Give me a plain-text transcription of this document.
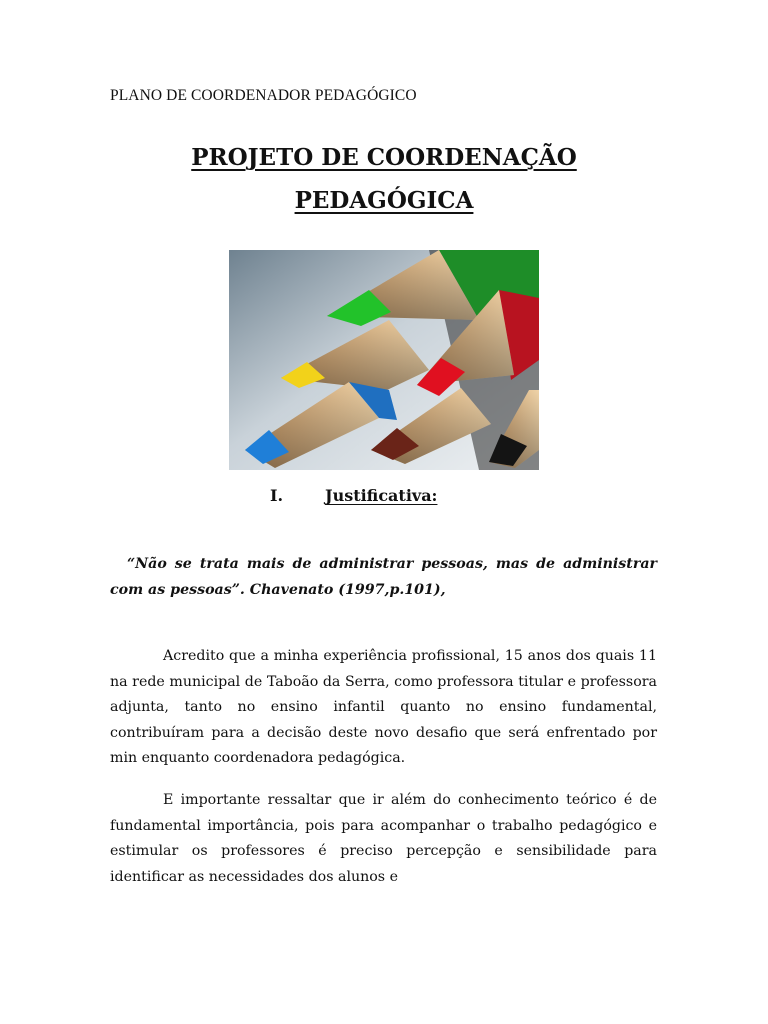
PLANO DE COORDENADOR PEDAGÓGICO
PROJETO DE COORDENAÇÃO
PEDAGÓGICA
I.	Justificativa:
“Não se trata mais de administrar pessoas, mas de administrar com as pessoas”. Chavenato (1997,p.101),

Acredito que a minha experiência profissional, 15 anos dos quais 11 na rede municipal de Taboão da Serra, como professora titular e professora adjunta, tanto no ensino infantil quanto no ensino fundamental, contribuíram para a decisão deste novo desafio que será enfrentado por min enquanto coordenadora pedagógica.

E importante ressaltar que ir além do conhecimento teórico é de fundamental importância, pois para acompanhar o trabalho pedagógico e estimular os professores é preciso percepção e sensibilidade para identificar as necessidades dos alunos e
